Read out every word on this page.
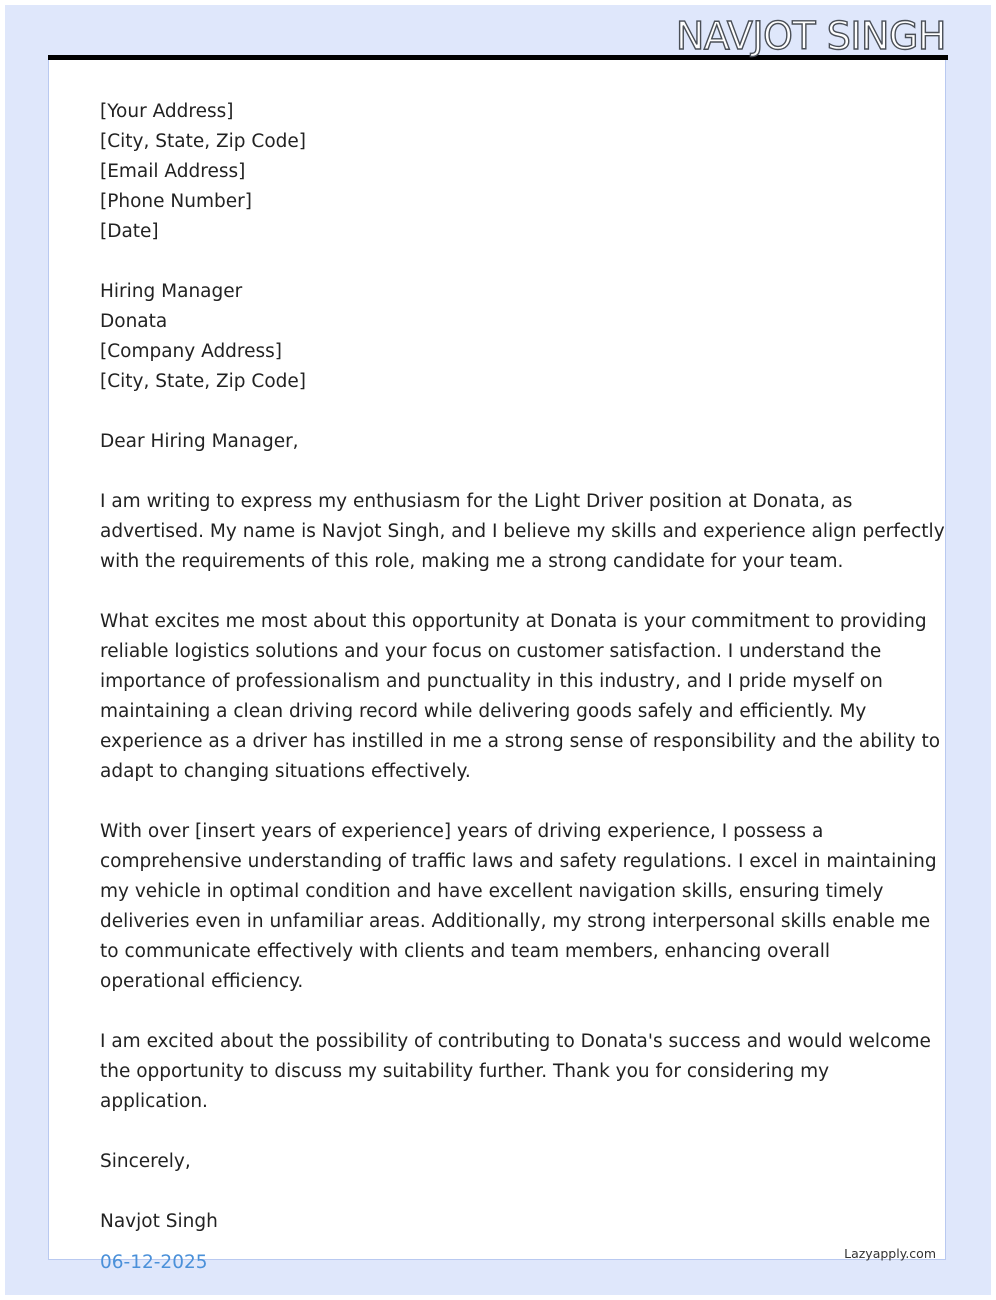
NAVJOT SINGH
[Your Address]
[City, State, Zip Code]
[Email Address]
[Phone Number]
[Date]
Hiring Manager
Donata
[Company Address]
[City, State, Zip Code]
Dear Hiring Manager,
I am writing to express my enthusiasm for the Light Driver position at Donata, as
advertised. My name is Navjot Singh, and I believe my skills and experience align perfectly
with the requirements of this role, making me a strong candidate for your team.
What excites me most about this opportunity at Donata is your commitment to providing
reliable logistics solutions and your focus on customer satisfaction. I understand the
importance of professionalism and punctuality in this industry, and I pride myself on
maintaining a clean driving record while delivering goods safely and efficiently. My
experience as a driver has instilled in me a strong sense of responsibility and the ability to
adapt to changing situations effectively.
With over [insert years of experience] years of driving experience, I possess a
comprehensive understanding of traffic laws and safety regulations. I excel in maintaining
my vehicle in optimal condition and have excellent navigation skills, ensuring timely
deliveries even in unfamiliar areas. Additionally, my strong interpersonal skills enable me
to communicate effectively with clients and team members, enhancing overall
operational efficiency.
I am excited about the possibility of contributing to Donata's success and would welcome
the opportunity to discuss my suitability further. Thank you for considering my
application.
Sincerely,
Navjot Singh
06-12-2025	Lazyapply.com
